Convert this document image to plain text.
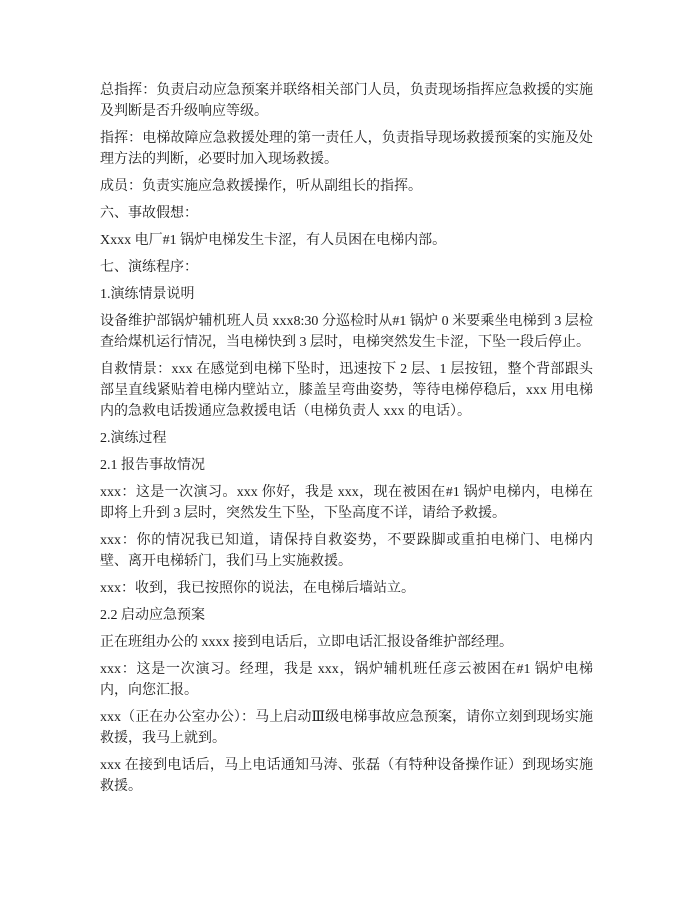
总指挥：负责启动应急预案并联络相关部门人员，负责现场指挥应急救援的实施及判断是否升级响应等级。

指挥：电梯故障应急救援处理的第一责任人，负责指导现场救援预案的实施及处理方法的判断，必要时加入现场救援。

成员：负责实施应急救援操作，听从副组长的指挥。

六、事故假想：

Xxxx 电厂#1 锅炉电梯发生卡涩，有人员困在电梯内部。

七、演练程序：

1.演练情景说明

设备维护部锅炉辅机班人员 xxx8:30 分巡检时从#1 锅炉 0 米要乘坐电梯到 3 层检查给煤机运行情况，当电梯快到 3 层时，电梯突然发生卡涩，下坠一段后停止。

自救情景：xxx 在感觉到电梯下坠时，迅速按下 2 层、1 层按钮，整个背部跟头部呈直线紧贴着电梯内壁站立，膝盖呈弯曲姿势，等待电梯停稳后，xxx 用电梯内的急救电话拨通应急救援电话（电梯负责人 xxx 的电话）。

2.演练过程

2.1 报告事故情况

xxx：这是一次演习。xxx 你好，我是 xxx，现在被困在#1 锅炉电梯内，电梯在即将上升到 3 层时，突然发生下坠，下坠高度不详，请给予救援。

xxx：你的情况我已知道，请保持自救姿势，不要跺脚或重拍电梯门、电梯内壁、离开电梯轿门，我们马上实施救援。

xxx：收到，我已按照你的说法，在电梯后墙站立。

2.2 启动应急预案

正在班组办公的 xxxx 接到电话后，立即电话汇报设备维护部经理。

xxx：这是一次演习。经理，我是 xxx，锅炉辅机班任彦云被困在#1 锅炉电梯内，向您汇报。

xxx（正在办公室办公）：马上启动Ⅲ级电梯事故应急预案，请你立刻到现场实施救援，我马上就到。

xxx 在接到电话后，马上电话通知马涛、张磊（有特种设备操作证）到现场实施救援。
